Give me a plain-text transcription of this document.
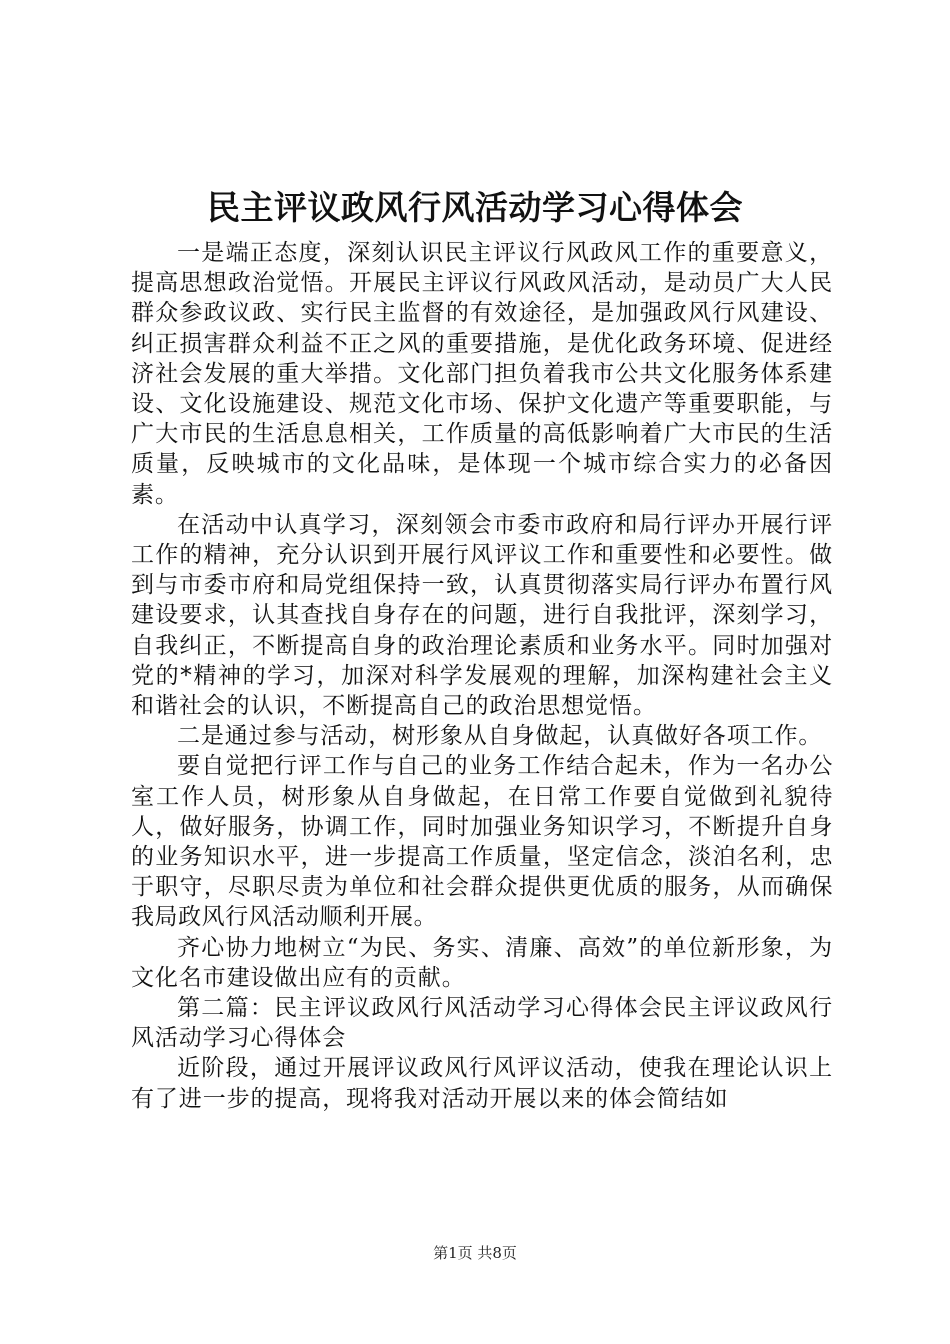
民主评议政风行风活动学习心得体会

一是端正态度，深刻认识民主评议行风政风工作的重要意义，提高思想政治觉悟。开展民主评议行风政风活动，是动员广大人民群众参政议政、实行民主监督的有效途径，是加强政风行风建设、纠正损害群众利益不正之风的重要措施，是优化政务环境、促进经济社会发展的重大举措。文化部门担负着我市公共文化服务体系建设、文化设施建设、规范文化市场、保护文化遗产等重要职能，与广大市民的生活息息相关，工作质量的高低影响着广大市民的生活质量，反映城市的文化品味，是体现一个城市综合实力的必备因素。

在活动中认真学习，深刻领会市委市政府和局行评办开展行评工作的精神，充分认识到开展行风评议工作和重要性和必要性。做到与市委市府和局党组保持一致，认真贯彻落实局行评办布置行风建设要求，认其查找自身存在的问题，进行自我批评，深刻学习，自我纠正，不断提高自身的政治理论素质和业务水平。同时加强对党的*精神的学习，加深对科学发展观的理解，加深构建社会主义和谐社会的认识，不断提高自己的政治思想觉悟。

二是通过参与活动，树形象从自身做起，认真做好各项工作。

要自觉把行评工作与自己的业务工作结合起未，作为一名办公室工作人员，树形象从自身做起，在日常工作要自觉做到礼貌待人，做好服务，协调工作，同时加强业务知识学习，不断提升自身的业务知识水平，进一步提高工作质量，坚定信念，淡泊名利，忠于职守，尽职尽责为单位和社会群众提供更优质的服务，从而确保我局政风行风活动顺利开展。

齐心协力地树立“为民、务实、清廉、高效”的单位新形象，为文化名市建设做出应有的贡献。

第二篇：民主评议政风行风活动学习心得体会民主评议政风行风活动学习心得体会

近阶段，通过开展评议政风行风评议活动，使我在理论认识上有了进一步的提高，现将我对活动开展以来的体会简结如

第1页 共8页
